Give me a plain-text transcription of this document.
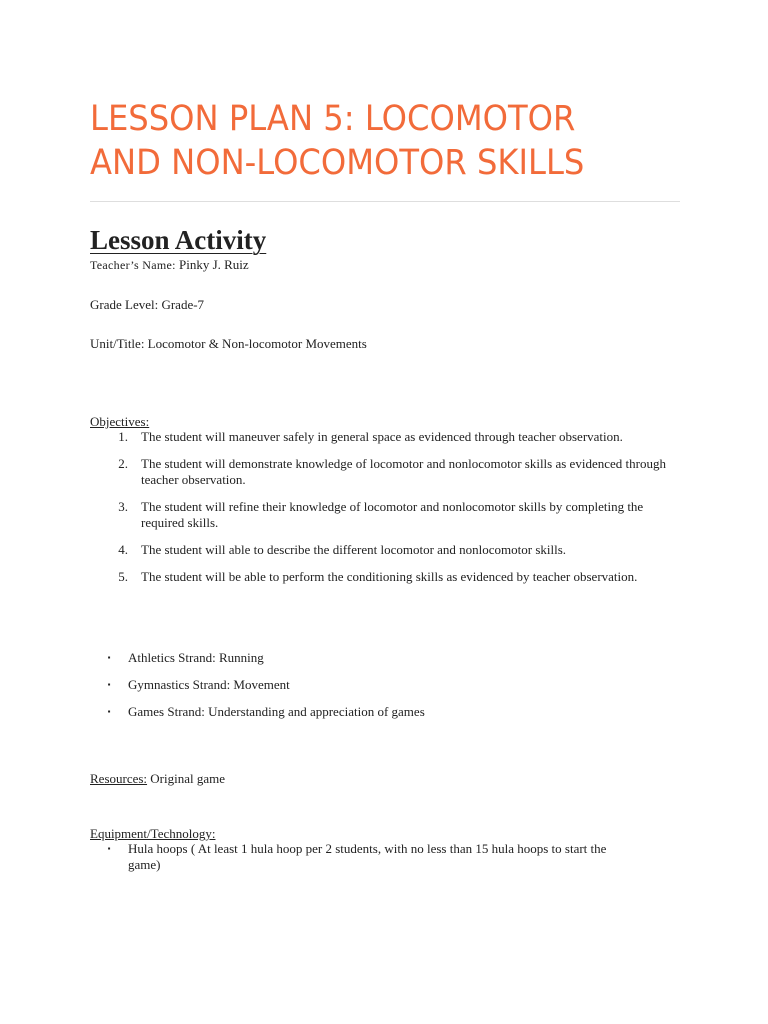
LESSON PLAN 5: LOCOMOTOR AND NON-LOCOMOTOR SKILLS
Lesson Activity
Teacher’s Name: Pinky J. Ruiz
Grade Level: Grade-7
Unit/Title: Locomotor & Non-locomotor Movements
Objectives:
1. The student will maneuver safely in general space as evidenced through teacher observation.
2. The student will demonstrate knowledge of locomotor and nonlocomotor skills as evidenced through teacher observation.
3. The student will refine their knowledge of locomotor and nonlocomotor skills by completing the required skills.
4. The student will able to describe the different locomotor and nonlocomotor skills.
5. The student will be able to perform the conditioning skills as evidenced by teacher observation.
▪	Athletics Strand: Running
▪	Gymnastics Strand: Movement
▪	Games Strand: Understanding and appreciation of games
Resources: Original game
Equipment/Technology:
▪	Hula hoops ( At least 1 hula hoop per 2 students, with no less than 15 hula hoops to start the game)
